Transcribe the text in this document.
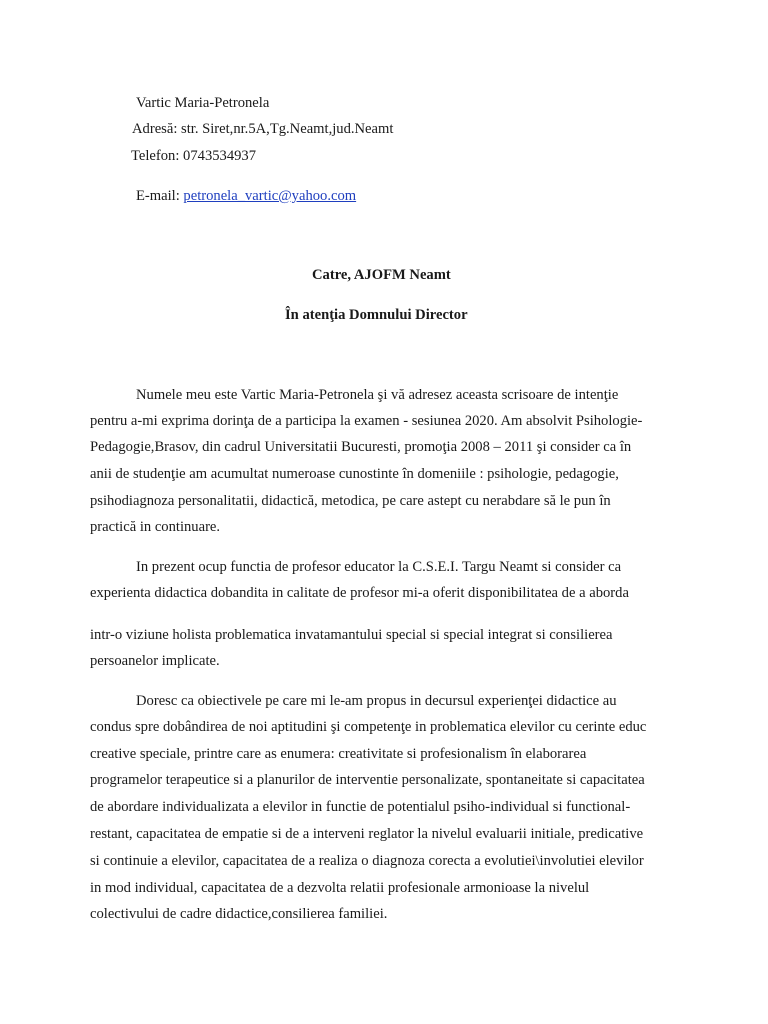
Vartic Maria-Petronela
Adresă: str. Siret,nr.5A,Tg.Neamt,jud.Neamt
Telefon: 0743534937
E-mail: petronela_vartic@yahoo.com
Catre, AJOFM Neamt
În atenţia Domnului Director
Numele meu este Vartic Maria-Petronela şi vă adresez aceasta scrisoare de intenţie
pentru a-mi exprima dorinţa de a participa la examen - sesiunea 2020. Am absolvit Psihologie-
Pedagogie,Brasov, din cadrul Universitatii Bucuresti, promoţia 2008 – 2011 şi consider ca în
anii de studenţie am acumultat numeroase cunostinte în domeniile : psihologie, pedagogie,
psihodiagnoza personalitatii, didactică, metodica, pe care astept cu nerabdare să le pun în
practică in continuare.
In prezent ocup functia de profesor educator la C.S.E.I. Targu Neamt si consider ca
experienta didactica dobandita in calitate de profesor mi-a oferit disponibilitatea de a aborda
intr-o viziune holista problematica invatamantului special si special integrat si consilierea
persoanelor implicate.
Doresc ca obiectivele pe care mi le-am propus in decursul experienţei didactice au
condus spre dobândirea de noi aptitudini şi competenţe in problematica elevilor cu cerinte educ
creative speciale, printre care as enumera: creativitate si profesionalism în elaborarea
programelor terapeutice si a planurilor de interventie personalizate, spontaneitate si capacitatea
de abordare individualizata a elevilor in functie de potentialul psiho-individual si functional-
restant, capacitatea de empatie si de a interveni reglator la nivelul evaluarii initiale, predicative
si continuie a elevilor, capacitatea de a realiza o diagnoza corecta a evolutiei\involutiei elevilor
in mod individual, capacitatea de a dezvolta relatii profesionale armonioase la nivelul
colectivului de cadre didactice,consilierea familiei.
